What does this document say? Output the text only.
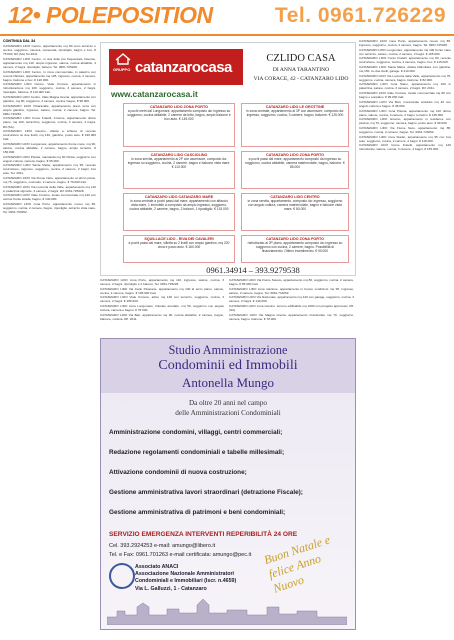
12• POLEPOSITION	Tel. 0961.726229
CONTINUA DAL 34

CATANZARO LIDO Centro, appartamento mq 80 cono terrazzo e cucina, soggiorno, camera, cameretta, ripostiglio, bagno e box, € 75.000. Rif.(SA) Tel.2011.

CATANZARO LIDO Centro, in una delle più frequentate traverse, appartamento mq 110, ampio ingresso, salone, cucina abitabile, 3 camere, 2 bagni, ripostiglio, balconi. Tel. 0961.725228.

CATANZARO LIDO Centro, in zona commerciale, in palazzo con recenti rifiniture, appartamento mq 105, ingresso, cucina, 2 camere, bagno, balcone e box. € 120.000.

CATANZARO LIDO Centro, Viale Crotone, appartamento in ristrutturazione mq 100, soggiorno, cucina, 3 camere, 2 bagni, ripostiglio, balcone. € 110.000 tratt.

CATANZARO LIDO Centro, Viale Magna Grecia, appartamento con giardino, mq 80, soggiorno, 2 camere, cucina, bagno. € 98.000.

CATANZARO LIDO Chiaravalle, appartamento piano terra con ampio giardino, ingresso, salone, cucina, 2 camere, bagno. Tel. 0961.743252.

CATANZARO LIDO Corso Fratelli, Crotone, appartamento ultimo piano, mq 100, terrazzino, soggiorno, cucina, 3 camere, 2 bagni. Rif.(SA).

CATANZARO LIDO Giovino, villetta a schiera di recente costruzione su due livelli, mq 140, giardino, posto auto. € 190.000 tratt.

CATANZARO LIDO Lungomare, appartamento fronte mare, mq 90, salone, cucina abitabile, 2 camere, bagno, ampio terrazzo. € 150.000.

CATANZARO LIDO Pistoia, mansarda mq 60 rifinita, soggiorno con angolo cottura, camera, bagno. € 65.000.

CATANZARO LIDO Santa Maria, appartamento mq 95, recente costruzione, ingresso, soggiorno, cucina, 2 camere, 2 bagni, box auto. Tel. 2011.

CATANZARO LIDO Via Fiume Neto, appartamento al primo piano, mq 75, soggiorno, cucinotto, 2 camere, bagno. € 79.000 tratt.

CATANZARO LIDO Via Lucrezia della Valle, appartamento mq 110 in palazzina signorile, 3 camere, 2 bagni. Rif. 0961.725228.

CATANZARO LIDO Viale Crotone, locale commerciale mq 120 con vetrine fronte strada, bagno. € 130.000.

CATANZARO LIDO zona Porto, appartamento nuovo mq 85, soggiorno, cucina, 2 camere, bagno, ripostiglio, terrazzo vista mare. Tel. 0961.793252.

GRUPPO catanzarocasa
www.catanzarocasa.it
CZLIDO CASA
DI ANNA TARANTINO
VIA CORACE, 42 - CATANZARO LIDO
CATANZARO LIDO ZONA PORTO
a pochi metri dal Lungomare, appartamento composto da: ingresso su soggiorno, cucina abitabile, 2 camere da letto, bagno, ampio balcone e box auto. € 145.000
CATANZARO LIDO LE GROTTINE
in zona centrale, appartamento al 3P con ascensore, composto da: ingresso, soggiorno, cucina, 3 camere, bagno, balcone. € 125.000
CATANZARO LIDO CASCIOLINO
in zona servita, appartamento al 2P con ascensore, composto da: ingresso su soggiorno, cucina, 2 camere, bagno e balcone vista mare. € 110.000
CATANZARO LIDO ZONA PORTO
a pochi passi dal mare, appartamento composto da ingresso su soggiorno, cucina abitabile, camera matrimoniale, bagno, balcone. € 85.000
CATANZARO LIDO CATANZARO MARE
in zona centrale a pochi passi dal mare, appartamento con affaccio vista mare, 1 immobile a composto da ampio ingresso, soggiorno, cucina abitabile, 2 camere, bagno, 2 balconi, 1 ripostiglio. € 115.000
CATANZARO LIDO CENTRO
in zona servita, appartamento, composto da: ingresso, soggiorno con angolo cottura, camera matrimoniale, bagno e balcone vista mare. € 80.000
SQUILLACE LIDO - RIVA DEI CAVALERI
a pochi passi dal mare, villetta su 2 livelli con ampio giardino, mq 200 circa e posto auto. € 160.000
CATANZARO LIDO ZONA PORTO
ristrutturato al 2P piano, appartamento composto da: ingresso su soggiorno con cucina, 2 camere, bagno. Possibilità di finanziamento. Ottimo investimento. € 90.000
0961.34914 – 393.9279538

CATANZARO LIDO zona Porto, appartamento mq 110, ingresso, salone, cucina, 3 camere, 2 bagni, ripostiglio e 2 balconi. Tel. 0961.725228.

CATANZARO LIDO Via Carlo Pisacane, appartamento mq 100 al terzo piano, salone, cucina, 2 camere, bagno. € 105.000 tratt.

CATANZARO LIDO Viale Crotone, attico mq 130 con terrazzo, soggiorno, cucina, 3 camere, 2 bagni. € 180.000.

CATANZARO LIDO zona Lungomare, bilocale arredato, mq 50, soggiorno con angolo cottura, camera e bagno. € 70.000.

CATANZARO LIDO Via Bari, appartamento mq 90, cucina abitabile, 2 camere, bagno, balcone, cantina. Rif. 2011.

CATANZARO LIDO Via Fiume Savuto, appartamento mq 80, soggiorno, cucina, 2 camere, bagno. € 85.000 tratt.

CATANZARO LIDO zona stazione, appartamento in buone condizioni mq 95, ingresso, salone, 2 camere, bagno. Tel. 0961.743252.

CATANZARO LIDO Via Nazionale, appartamento mq 120 con garage, soggiorno, cucina, 3 camere, 2 bagni. € 140.000.

CATANZARO LIDO zona Giovino, terreno edificabile mq 1000 con progetto approvato. Rif.(SA).

CATANZARO LIDO Via Magna Grecia, appartamento ristrutturato mq 70, soggiorno, camera, bagno, balcone. € 78.000.

Studio Amministrazione
Condominii ed Immobili
Antonella Mungo
Da oltre 20 anni nel campo
delle Amministrazioni Condominiali
Amministrazione condomini, villaggi, centri commerciali;
Redazione regolamenti condominiali e tabelle millesimali;
Attivazione condominii di nuova costruzione;
Gestione amministrativa lavori straordinari (detrazione Fiscale);
Gestione amministrativa di patrimoni e beni condominiali;
SERVIZIO EMERGENZA INTERVENTI REPERIBILITÀ 24 ORE
Cel. 393.2924253 e-mail: amungo@libero.it
Tel. e Fax: 0961.701263 e-mail certificata: amungo@pec.it
Associato ANACI
Associazione Nazionale Amministratori
Condominiali e Immobiliari (Iscr. n.4659)
Via L. Galluzzi, 1 - Catanzaro
Buon Natale e felice Anno Nuovo

CATANZARO LIDO zona Porto, appartamento nuovo mq 85, ingresso, soggiorno, cucina, 2 camere, bagno. Tel. 0961.725228.

CATANZARO LIDO Lungomare, appartamento mq 100 fronte mare con terrazzo, salone, cucina, 2 camere, 2 bagni. € 165.000.

CATANZARO LIDO Corso Fratelli, appartamento mq 90, recente costruzione, soggiorno, cucina, 2 camere, bagno, box. € 115.000.

CATANZARO LIDO Santa Maria, villetta bifamiliare con giardino, mq 150, su due livelli, garage. € 210.000.

CATANZARO LIDO Via Lucrezia della Valle, appartamento mq 75, soggiorno, cucina, camera, bagno, balcone. € 82.000.

CATANZARO LIDO zona Siano, appartamento mq 100 in palazzina, salone, cucina, 3 camere, 2 bagni. Rif. 2011.

CATANZARO LIDO Viale Crotone, locale commerciale mq 80 con bagno e soppalco. € 95.000 tratt.

CATANZARO LIDO Via Bari, monolocale arredato mq 40 con angolo cottura e bagno. € 48.000.

CATANZARO LIDO zona Pistoia, appartamento mq 110 ultimo piano, salone, cucina, 3 camere, 2 bagni, terrazzo. € 135.000.

CATANZARO LIDO Giovino, appartamento in residence con piscina, mq 70, soggiorno, camera, bagno, posto auto. € 99.000.

CATANZARO LIDO Via Fiume Neto, appartamento mq 85, soggiorno, cucina, 2 camere, bagno. Tel. 0961.743252.

CATANZARO LIDO zona Stadio, appartamento mq 95 con box auto, soggiorno, cucina, 2 camere, 2 bagni. € 118.000.

CATANZARO LIDO Corso Fratelli, appartamento mq 120 ristrutturato, salone, cucina, 3 camere, 2 bagni. € 155.000.
